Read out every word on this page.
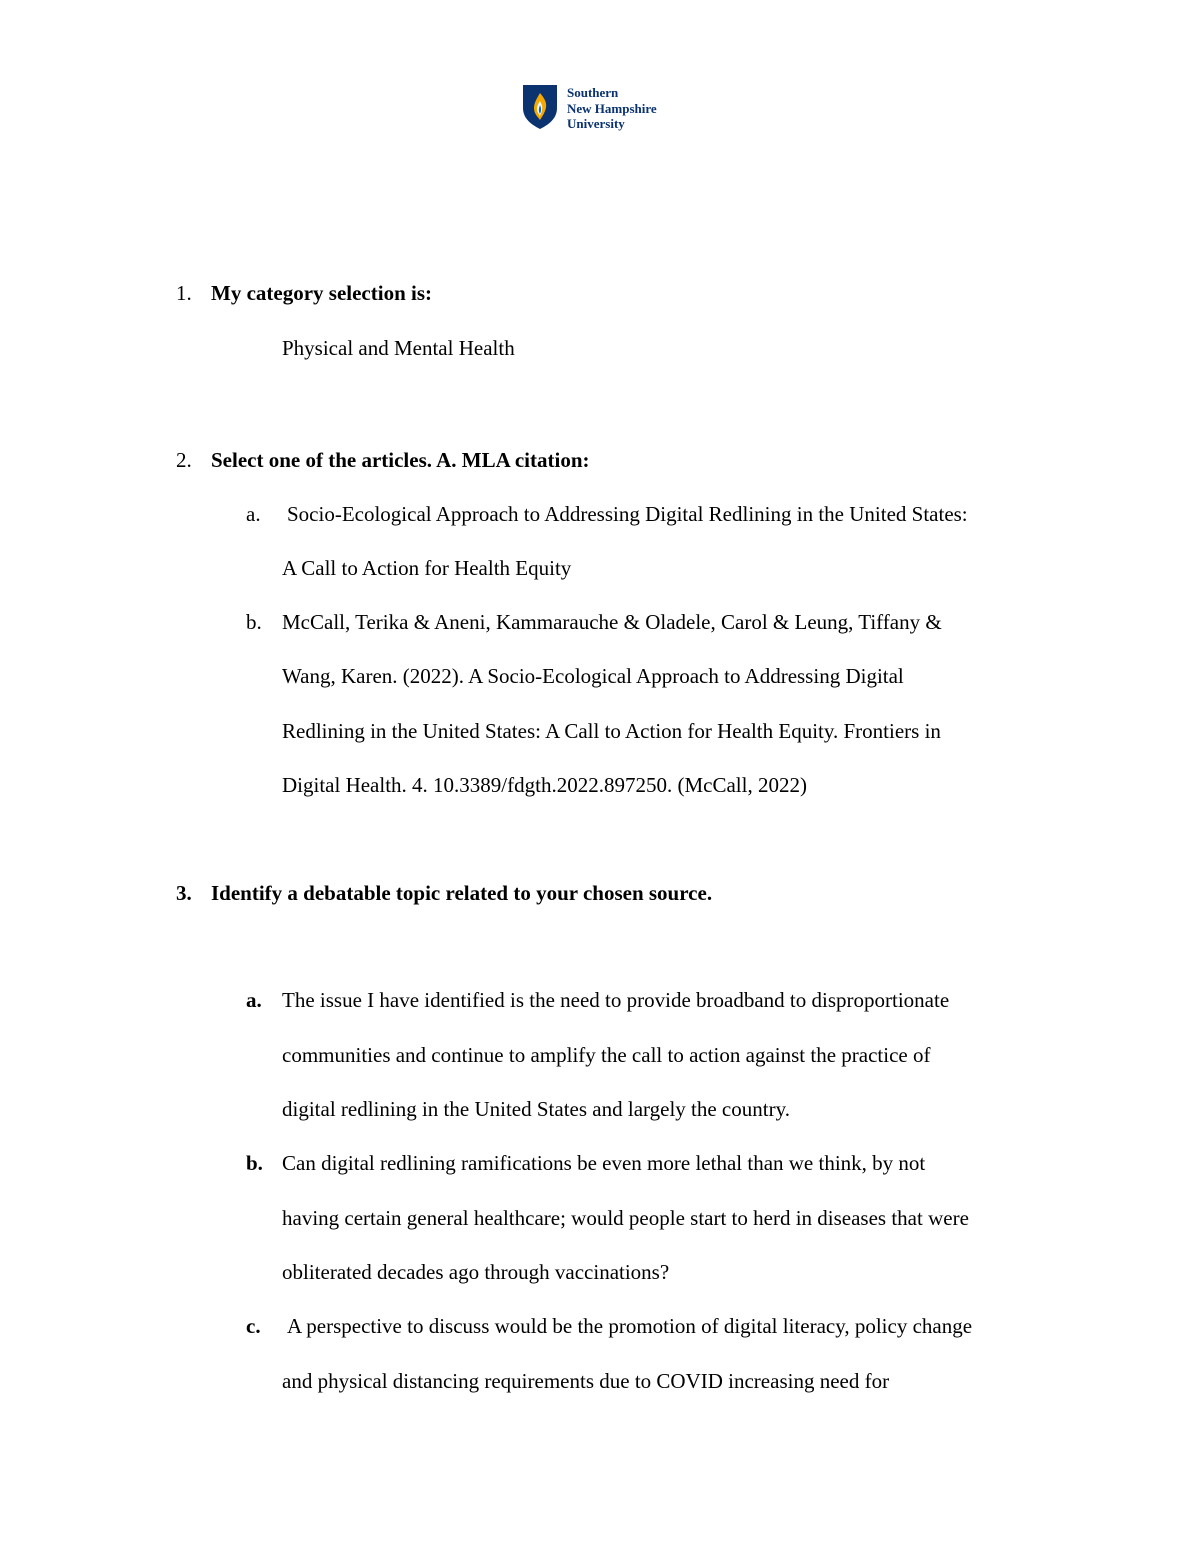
Southern
New Hampshire
University
1. My category selection is:
Physical and Mental Health
2. Select one of the articles. A. MLA citation:
a. Socio-Ecological Approach to Addressing Digital Redlining in the United States:
A Call to Action for Health Equity
b. McCall, Terika & Aneni, Kammarauche & Oladele, Carol & Leung, Tiffany &
Wang, Karen. (2022). A Socio-Ecological Approach to Addressing Digital
Redlining in the United States: A Call to Action for Health Equity. Frontiers in
Digital Health. 4. 10.3389/fdgth.2022.897250. (McCall, 2022)
3. Identify a debatable topic related to your chosen source.
a. The issue I have identified is the need to provide broadband to disproportionate
communities and continue to amplify the call to action against the practice of
digital redlining in the United States and largely the country.
b. Can digital redlining ramifications be even more lethal than we think, by not
having certain general healthcare; would people start to herd in diseases that were
obliterated decades ago through vaccinations?
c. A perspective to discuss would be the promotion of digital literacy, policy change
and physical distancing requirements due to COVID increasing need for
